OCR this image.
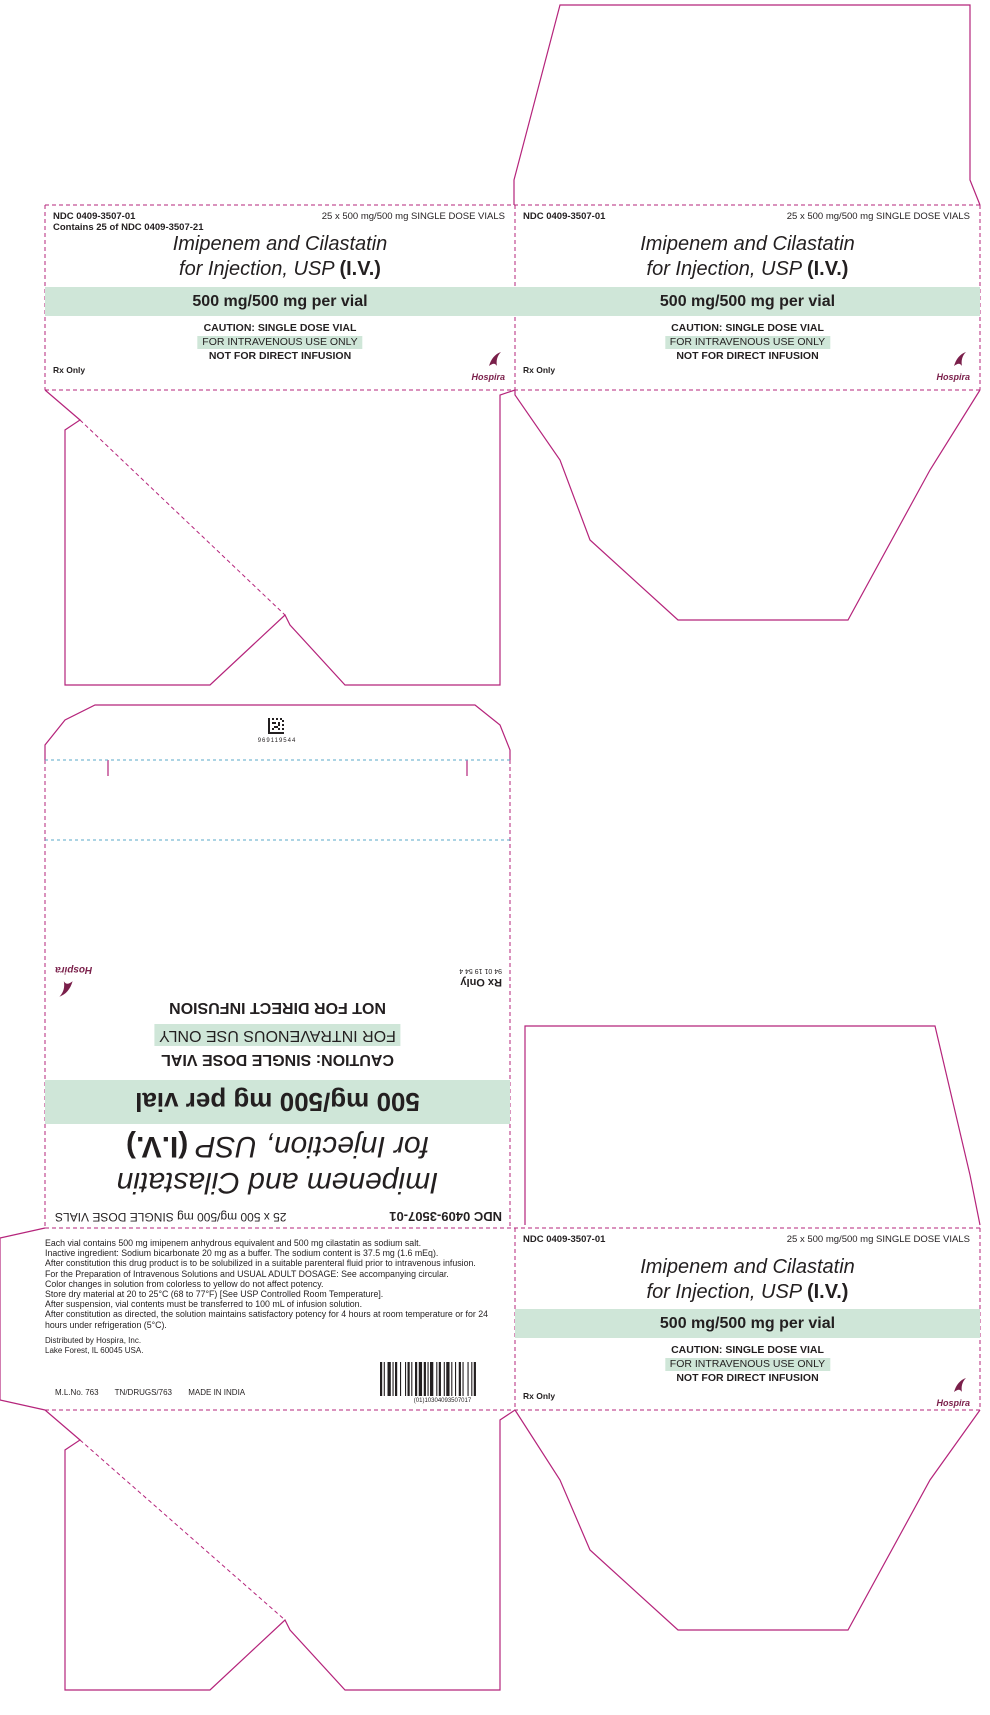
969119544
NDC 0409-3507-01
Contains 25 of NDC 0409-3507-21
25 x 500 mg/500 mg SINGLE DOSE VIALS
Imipenem and Cilastatin
for Injection, USP (I.V.)
500 mg/500 mg per vial
CAUTION: SINGLE DOSE VIAL
FOR INTRAVENOUS USE ONLY
NOT FOR DIRECT INFUSION
Rx Only
Hospira
NDC 0409-3507-01	25 x 500 mg/500 mg SINGLE DOSE VIALS
Imipenem and Cilastatin
for Injection, USP (I.V.)
500 mg/500 mg per vial
CAUTION: SINGLE DOSE VIAL
FOR INTRAVENOUS USE ONLY
NOT FOR DIRECT INFUSION
Rx Only
Hospira
NDC 0409-3507-01
25 x 500 mg/500 mg SINGLE DOSE VIALS
Imipenem and Cilastatin
for Injection, USP (I.V.)
500 mg/500 mg per vial
CAUTION: SINGLE DOSE VIAL
FOR INTRAVENOUS USE ONLY
NOT FOR DIRECT INFUSION
Rx Only
94 01 19 54 4
Hospira

Each vial contains 500 mg imipenem anhydrous equivalent and 500 mg cilastatin as sodium salt.

Inactive ingredient: Sodium bicarbonate 20 mg as a buffer. The sodium content is 37.5 mg (1.6 mEq).

After constitution this drug product is to be solubilized in a suitable parenteral fluid prior to intravenous infusion.

For the Preparation of Intravenous Solutions and USUAL ADULT DOSAGE: See accompanying circular.

Color changes in solution from colorless to yellow do not affect potency.

Store dry material at 20 to 25°C (68 to 77°F) [See USP Controlled Room Temperature].

After suspension, vial contents must be transferred to 100 mL of infusion solution.

After constitution as directed, the solution maintains satisfactory potency for 4 hours at room temperature or for 24 hours under refrigeration (5°C).

Distributed by Hospira, Inc.
Lake Forest, IL 60045 USA.
M.L.No. 763 TN/DRUGS/763 MADE IN INDIA
(01)10304093507017
NDC 0409-3507-01	25 x 500 mg/500 mg SINGLE DOSE VIALS
Imipenem and Cilastatin
for Injection, USP (I.V.)
500 mg/500 mg per vial
CAUTION: SINGLE DOSE VIAL
FOR INTRAVENOUS USE ONLY
NOT FOR DIRECT INFUSION
Rx Only
Hospira
